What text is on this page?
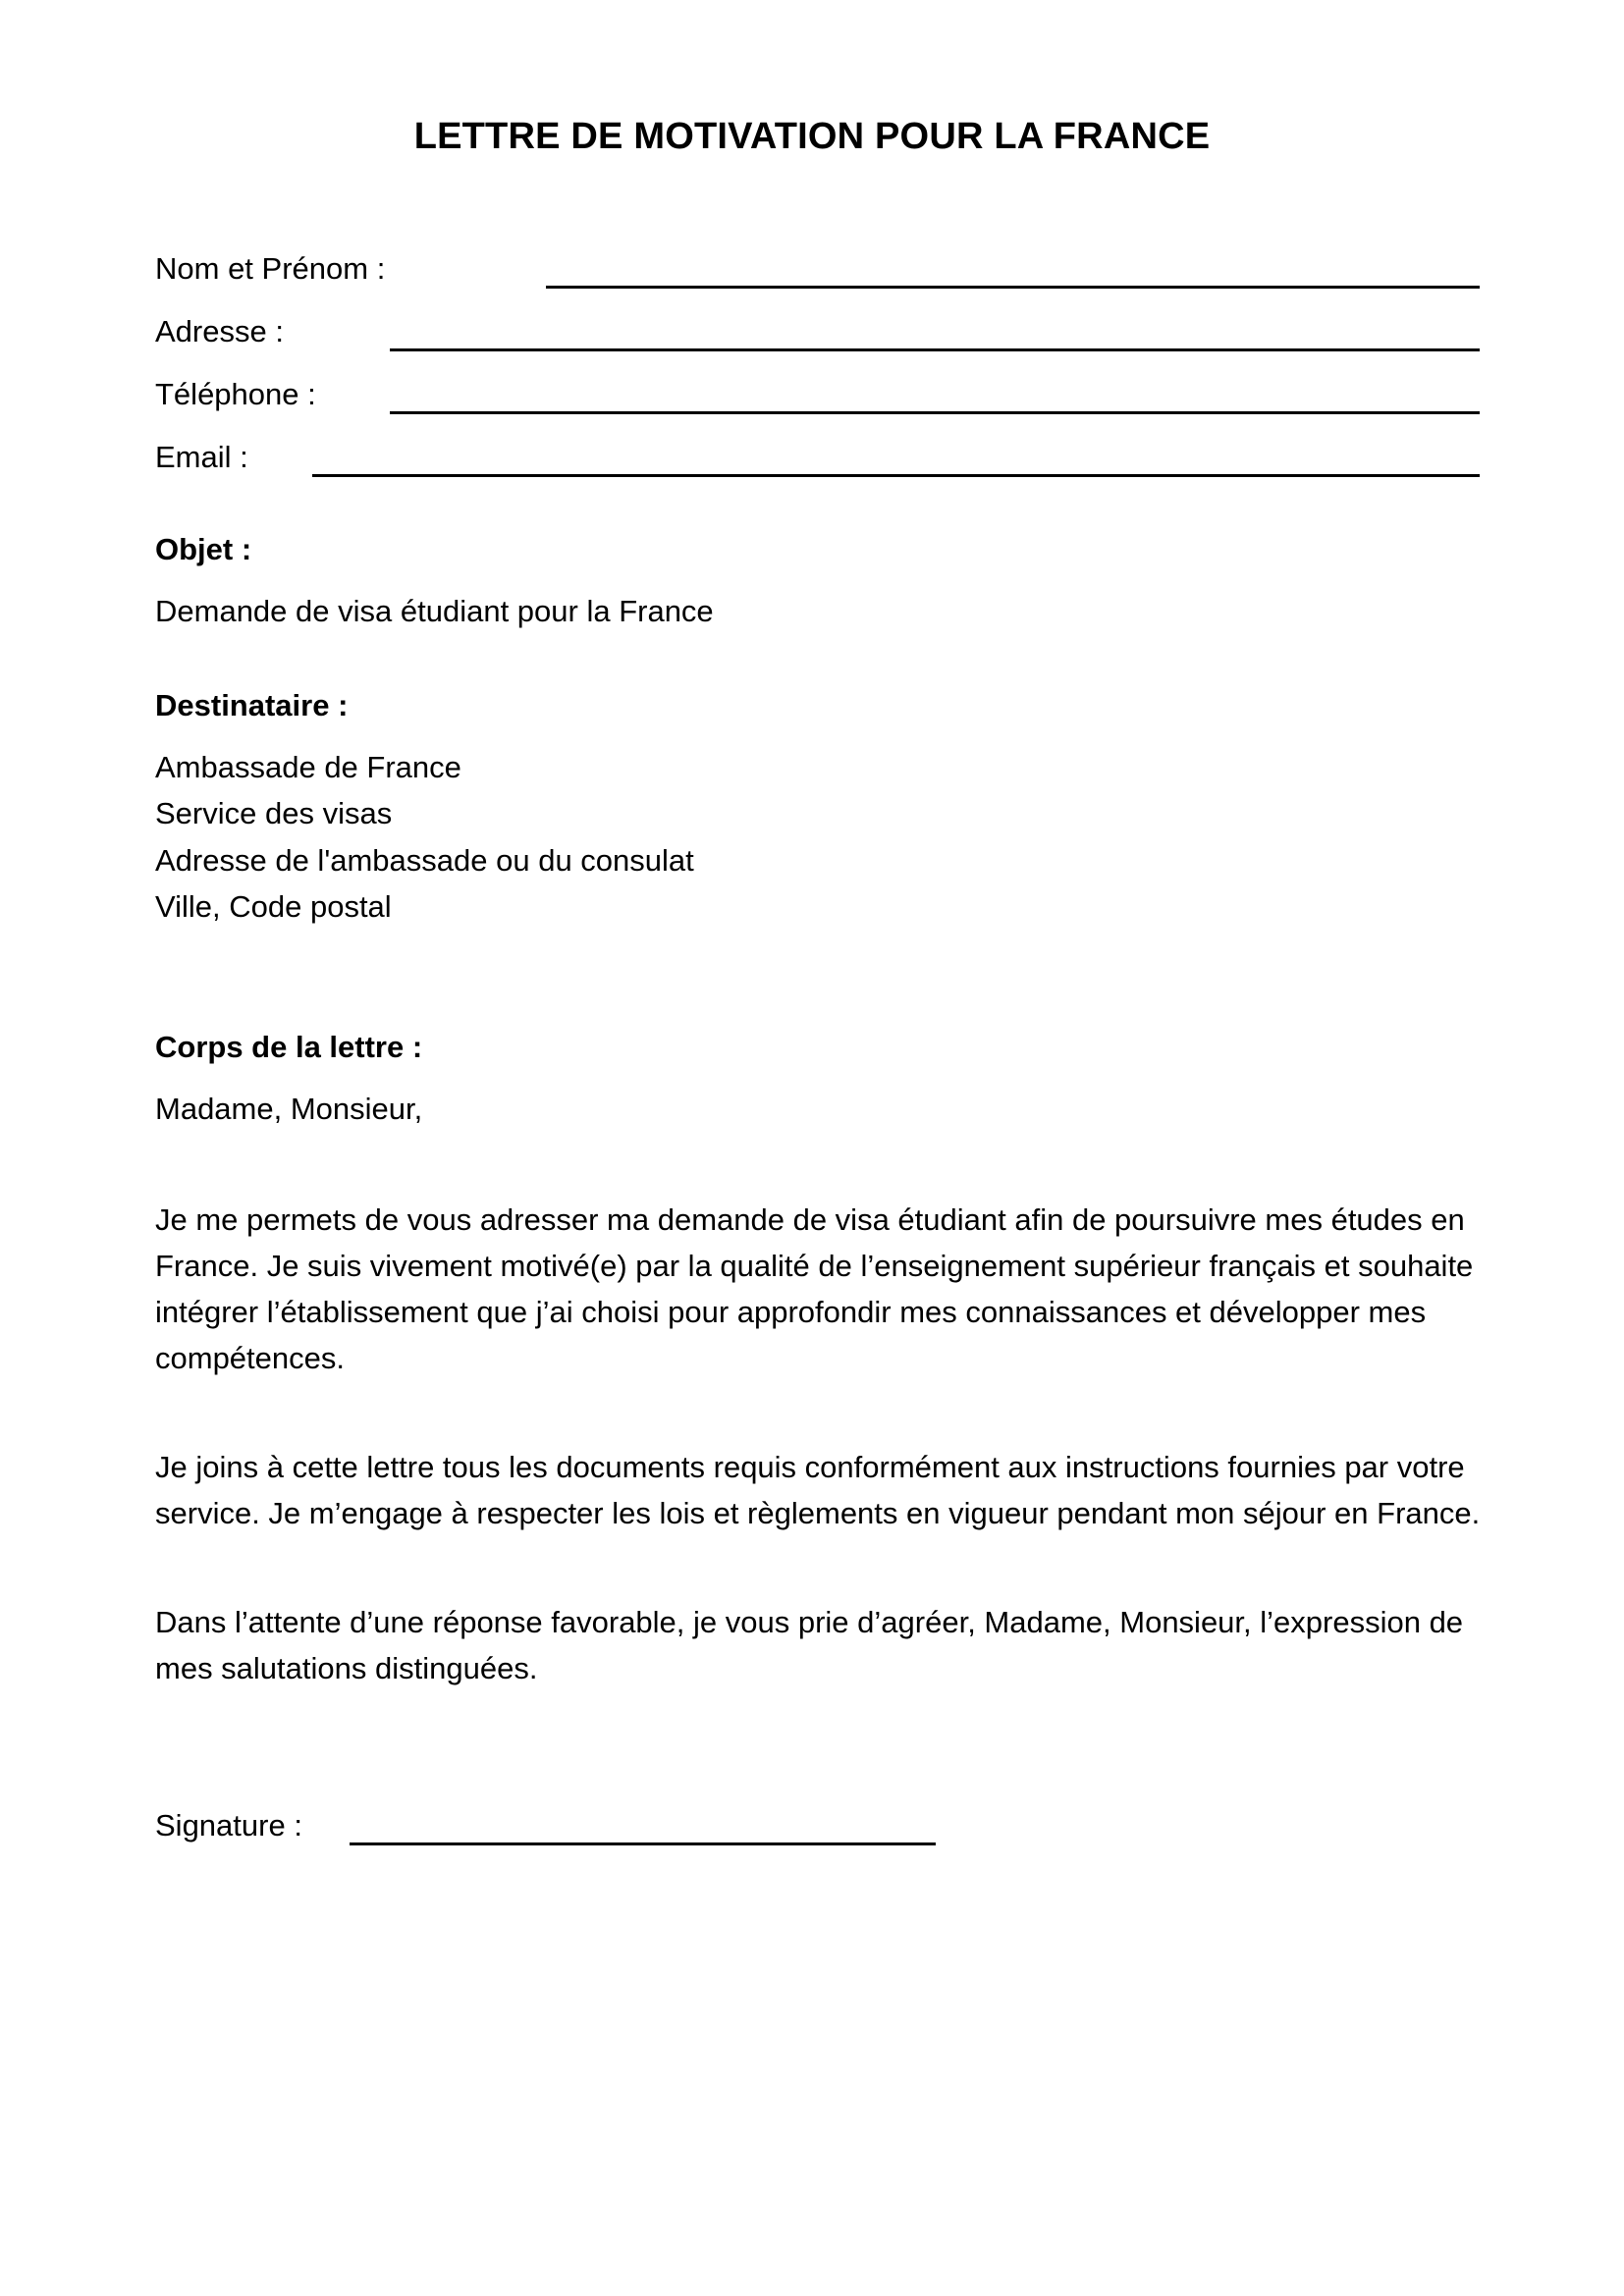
LETTRE DE MOTIVATION POUR LA FRANCE
Nom et Prénom :
Adresse :
Téléphone :
Email :
Objet :
Demande de visa étudiant pour la France
Destinataire :
Ambassade de France
Service des visas
Adresse de l'ambassade ou du consulat
Ville, Code postal
Corps de la lettre :
Madame, Monsieur,
Je me permets de vous adresser ma demande de visa étudiant afin de poursuivre mes études en
France. Je suis vivement motivé(e) par la qualité de l’enseignement supérieur français et souhaite
intégrer l’établissement que j’ai choisi pour approfondir mes connaissances et développer mes
compétences.
Je joins à cette lettre tous les documents requis conformément aux instructions fournies par votre
service. Je m’engage à respecter les lois et règlements en vigueur pendant mon séjour en France.
Dans l’attente d’une réponse favorable, je vous prie d’agréer, Madame, Monsieur, l’expression de
mes salutations distinguées.
Signature :
